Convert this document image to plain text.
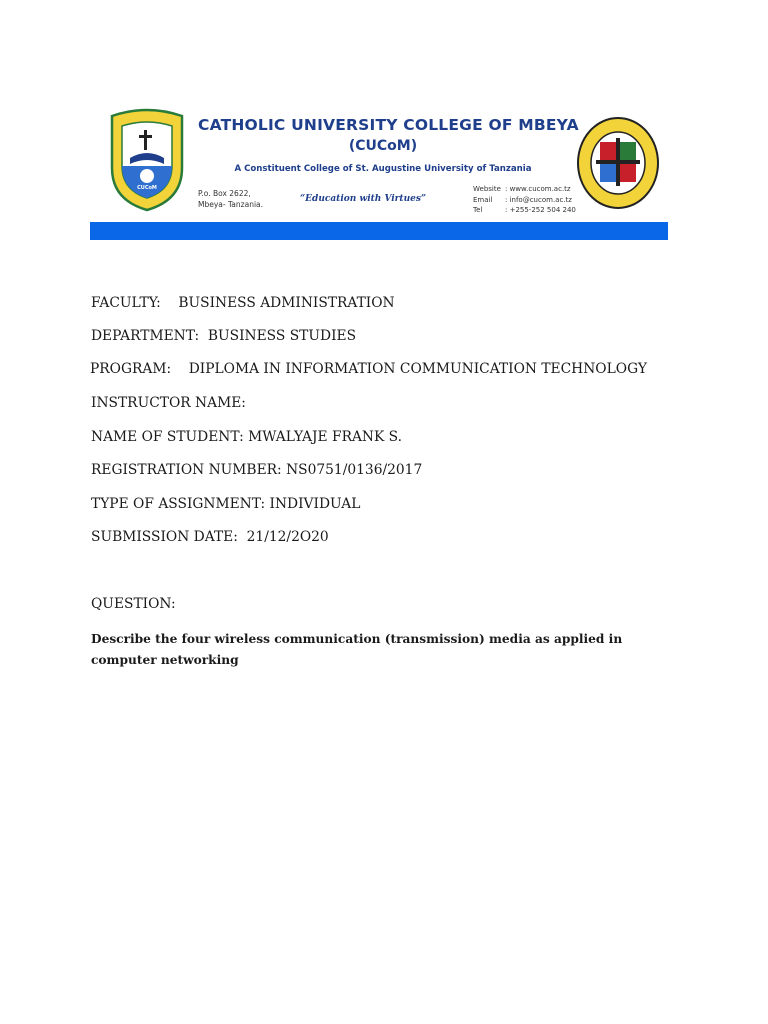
CUCoM
CATHOLIC UNIVERSITY COLLEGE OF MBEYA
(CUCoM)
A Constituent College of St. Augustine University of Tanzania
P.o. Box 2622,
Mbeya- Tanzania.
“Education with Virtues”
Website : www.cucom.ac.tz
Email : info@cucom.ac.tz
Tel	: +255-252 504 240
FACULTY: BUSINESS ADMINISTRATION
DEPARTMENT: BUSINESS STUDIES
PROGRAM: DIPLOMA IN INFORMATION COMMUNICATION TECHNOLOGY
INSTRUCTOR NAME:
NAME OF STUDENT: MWALYAJE FRANK S.
REGISTRATION NUMBER: NS0751/0136/2017
TYPE OF ASSIGNMENT: INDIVIDUAL
SUBMISSION DATE: 21/12/2O20
QUESTION:
Describe the four wireless communication (transmission) media as applied in computer networking
